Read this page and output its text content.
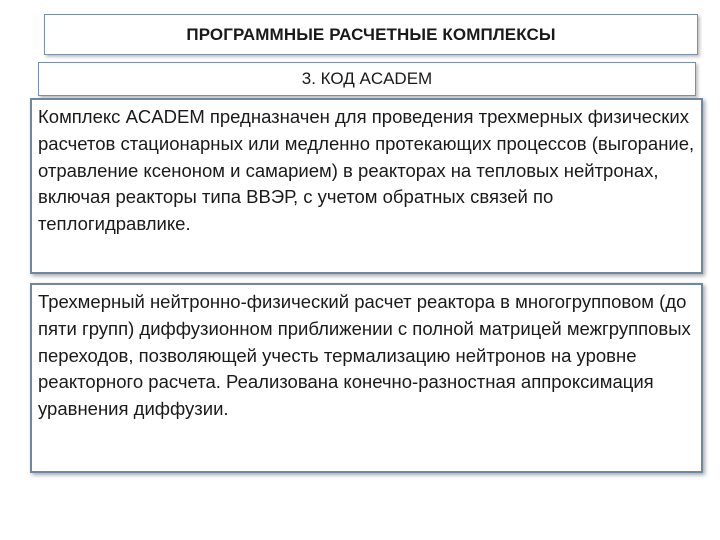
ПРОГРАММНЫЕ РАСЧЕТНЫЕ КОМПЛЕКСЫ
3. КОД ACADEM
Комплекс ACADEM предназначен для проведения трехмерных физических расчетов стационарных или медленно протекающих процессов (выгорание, отравление ксеноном и самарием) в реакторах на тепловых нейтронах, включая реакторы типа ВВЭР, с учетом обратных связей по теплогидравлике.
Трехмерный нейтронно-физический расчет реактора в многогрупповом (до пяти групп) диффузионном приближении с полной матрицей межгрупповых переходов, позволяющей учесть термализацию нейтронов на уровне реакторного расчета. Реализована конечно-разностная аппроксимация уравнения диффузии.
